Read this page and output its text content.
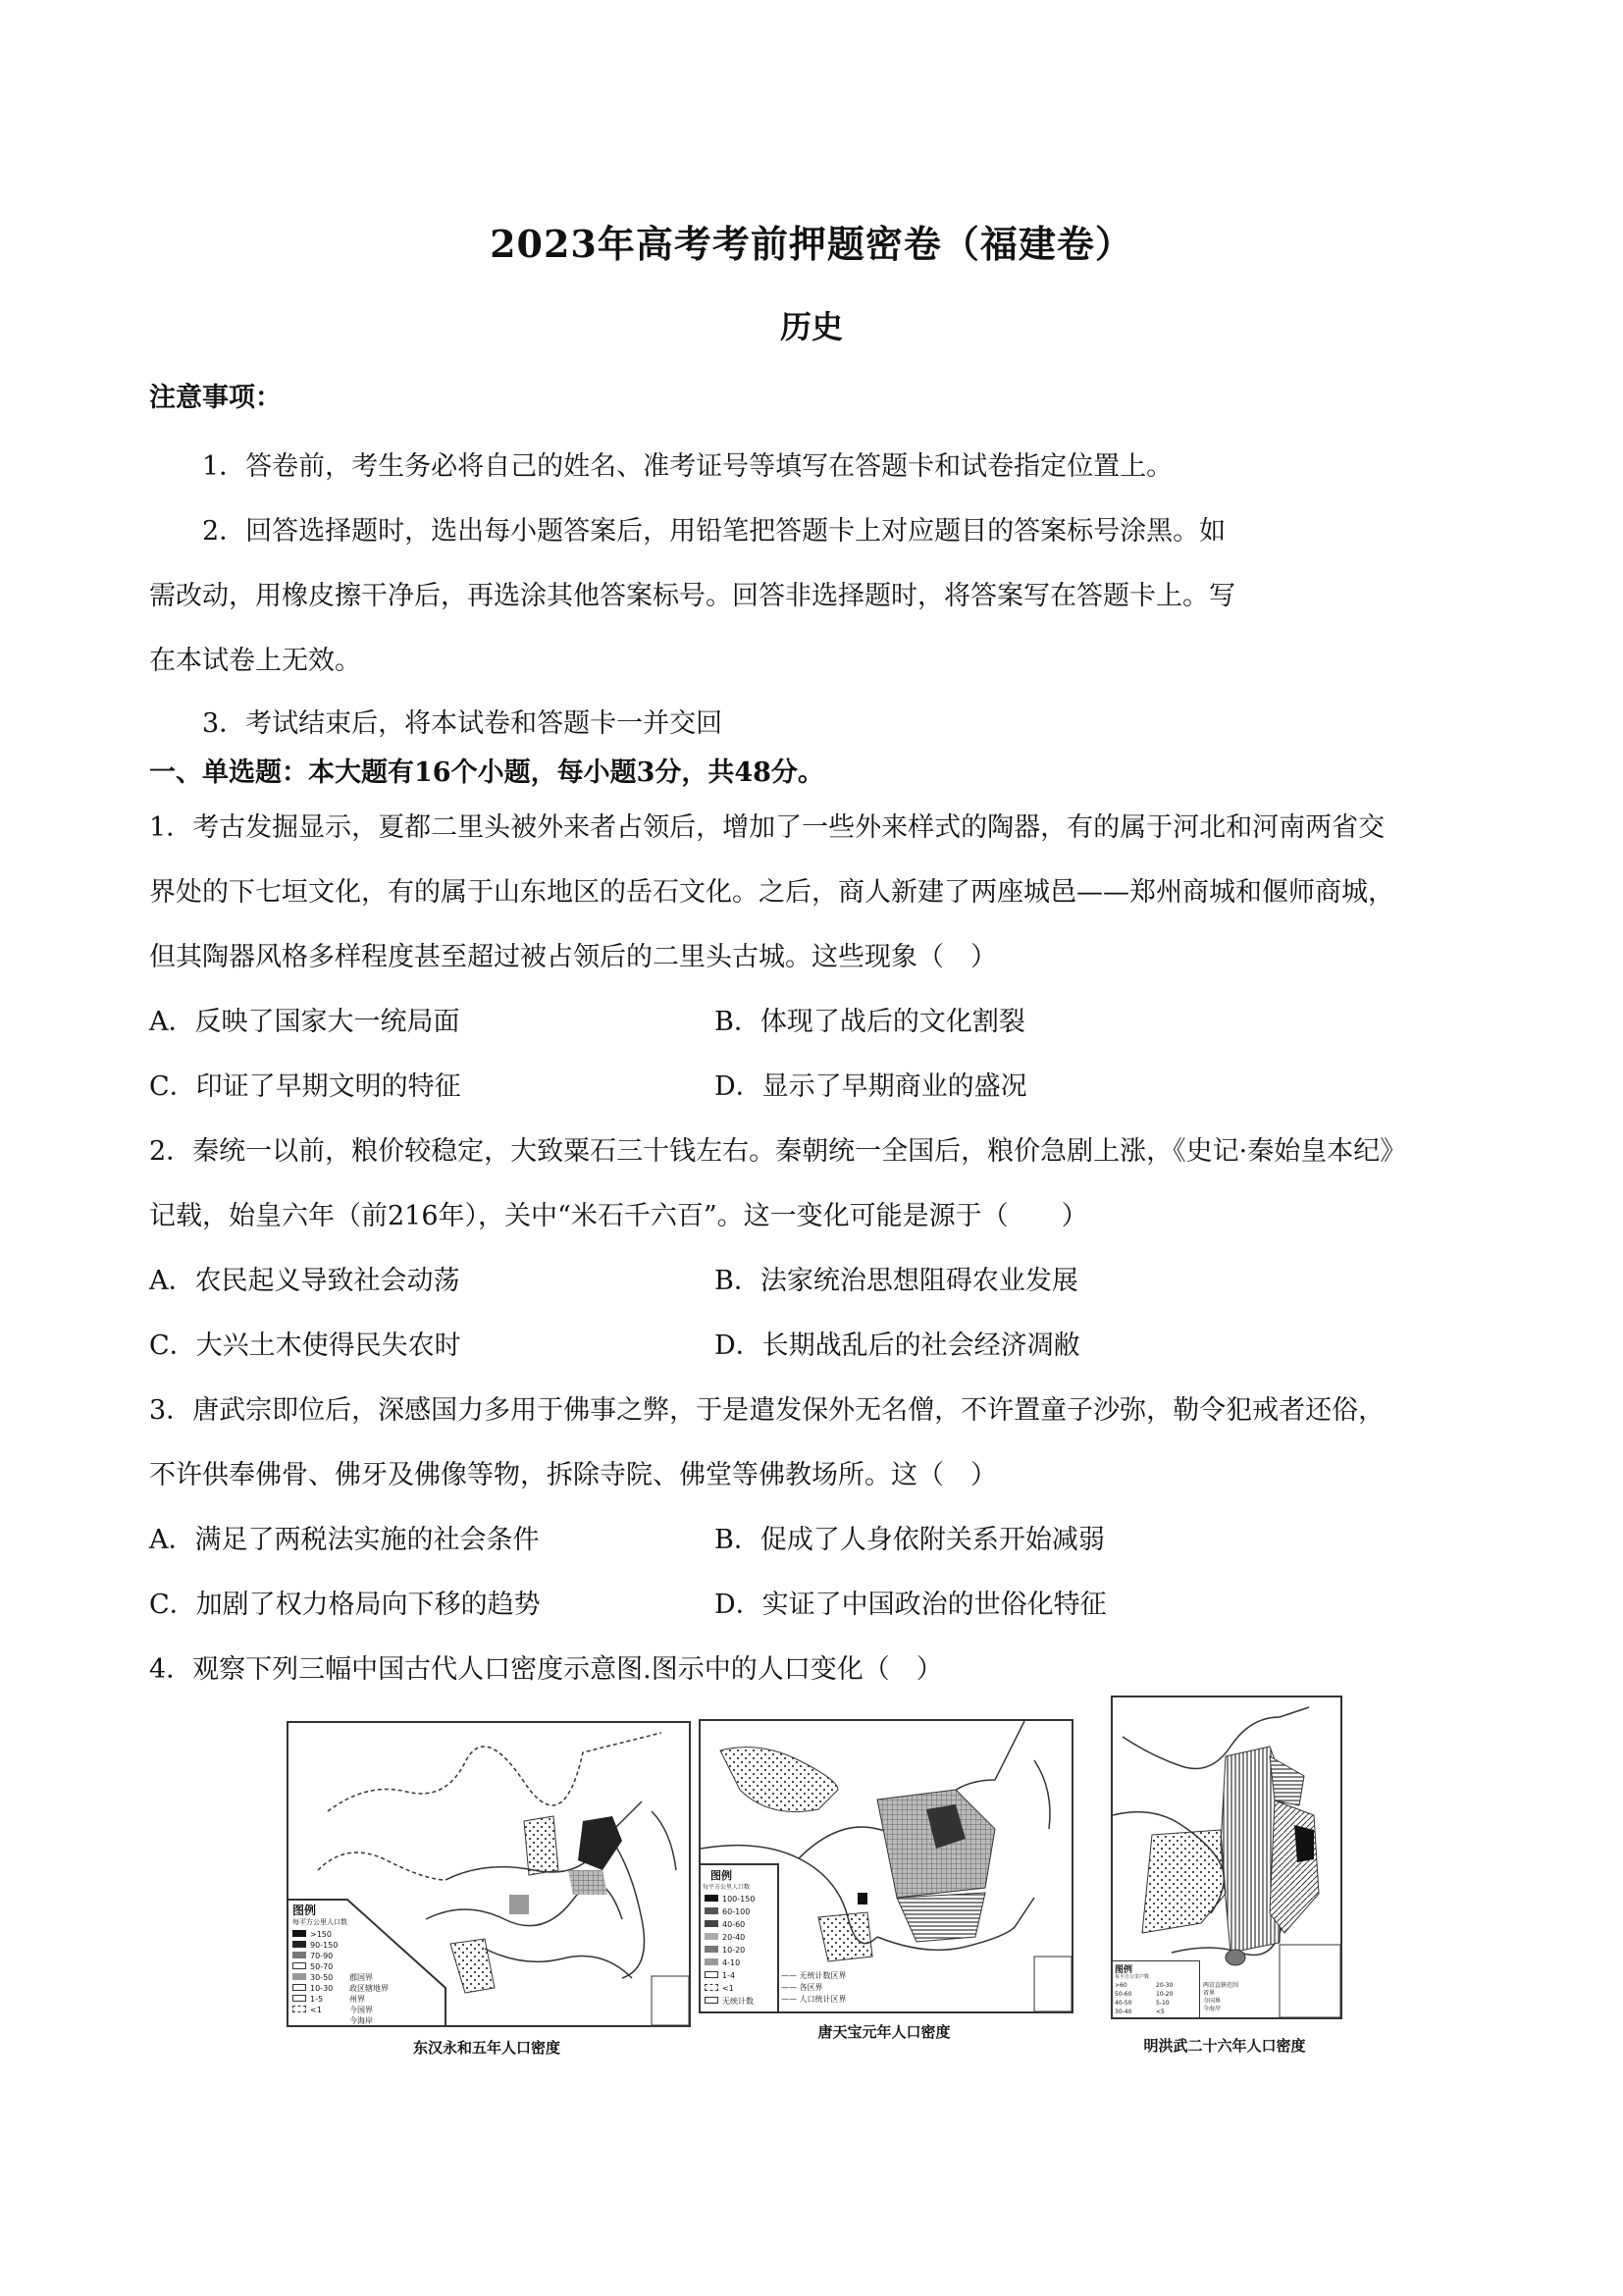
2023年高考考前押题密卷（福建卷）
历史
注意事项：
1．答卷前，考生务必将自己的姓名、准考证号等填写在答题卡和试卷指定位置上。
2．回答选择题时，选出每小题答案后，用铅笔把答题卡上对应题目的答案标号涂黑。如
需改动，用橡皮擦干净后，再选涂其他答案标号。回答非选择题时，将答案写在答题卡上。写
在本试卷上无效。
3．考试结束后，将本试卷和答题卡一并交回
一、单选题：本大题有16个小题，每小题3分，共48分。
1．考古发掘显示，夏都二里头被外来者占领后，增加了一些外来样式的陶器，有的属于河北和河南两省交
界处的下七垣文化，有的属于山东地区的岳石文化。之后，商人新建了两座城邑——郑州商城和偃师商城，
但其陶器风格多样程度甚至超过被占领后的二里头古城。这些现象（　）
A．反映了国家大一统局面	B．体现了战后的文化割裂
C．印证了早期文明的特征	D．显示了早期商业的盛况
2．秦统一以前，粮价较稳定，大致粟石三十钱左右。秦朝统一全国后，粮价急剧上涨，《史记·秦始皇本纪》
记载，始皇六年（前216年），关中“米石千六百”。这一变化可能是源于（　　）
A．农民起义导致社会动荡	B．法家统治思想阻碍农业发展
C．大兴土木使得民失农时	D．长期战乱后的社会经济凋敝
3．唐武宗即位后，深感国力多用于佛事之弊，于是遣发保外无名僧，不许置童子沙弥，勒令犯戒者还俗，
不许供奉佛骨、佛牙及佛像等物，拆除寺院、佛堂等佛教场所。这（　）
A．满足了两税法实施的社会条件	B．促成了人身依附关系开始减弱
C．加剧了权力格局向下移的趋势	D．实证了中国政治的世俗化特征
4．观察下列三幅中国古代人口密度示意图.图示中的人口变化（　）
图例
每平方公里人口数
>150
90-150
70-90
50-70
30-50
10-30
1-5
<1
郡国界
政区辖地界
州界
今国界
今海岸
东汉永和五年人口密度
图例
每平方公里人口数
100-150
60-100
40-60
20-40
10-20
4-10
1-4
<1
无统计数
—— 无统计数区界
—— 各区界
—— 人口统计区界
唐天宝元年人口密度
图例
每平方公里户数
>60
50-60
40-50
30-40
20-30
10-20
5-10
<5
两京直辖范围
省界
今国界
今海岸
明洪武二十六年人口密度
